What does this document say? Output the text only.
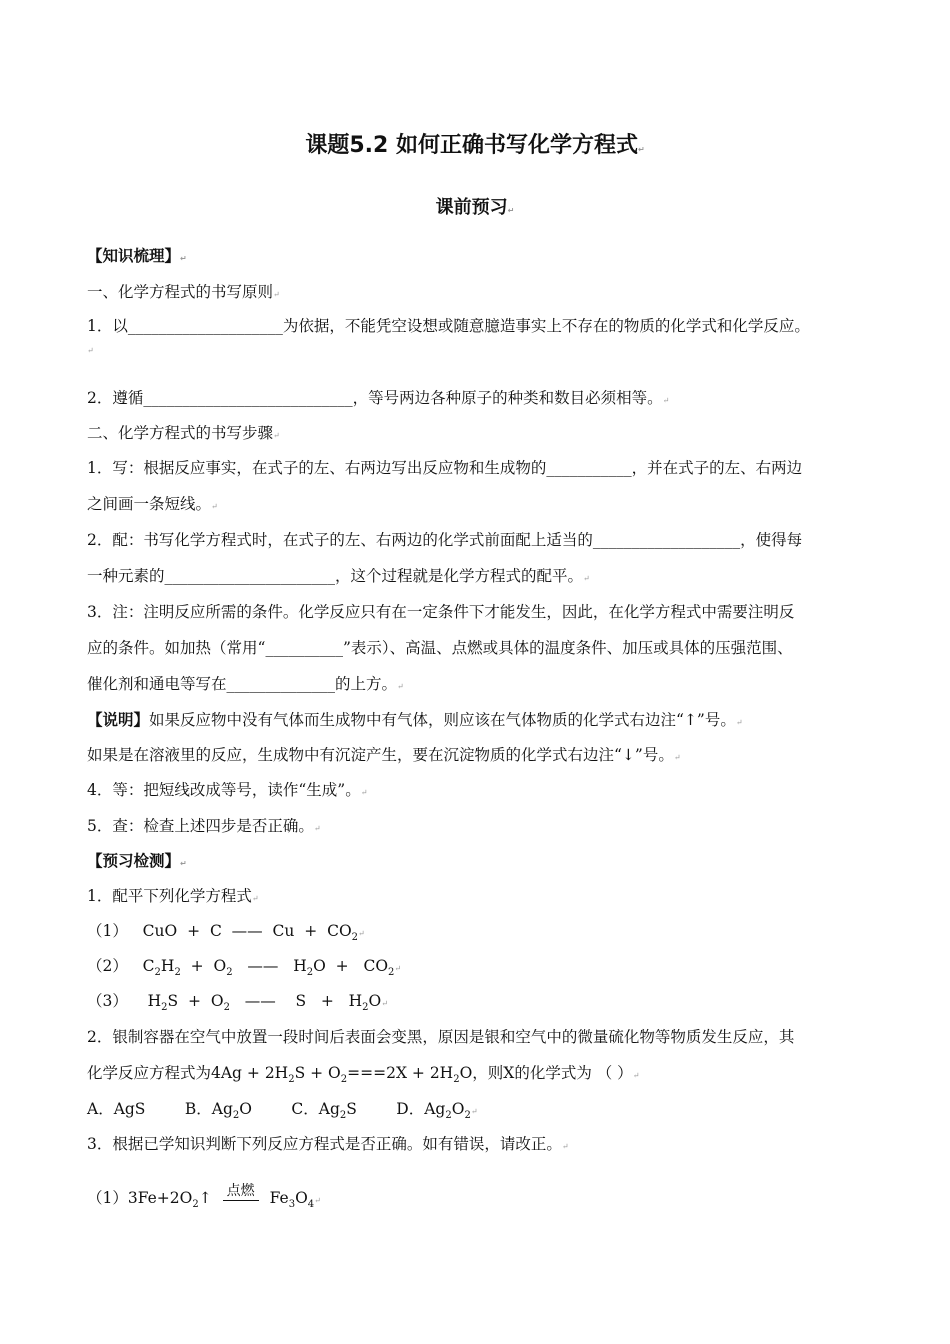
课题5.2 如何正确书写化学方程式↵
课前预习↵
【知识梳理】↵
一、化学方程式的书写原则↵
1．以____________________为依据，不能凭空设想或随意臆造事实上不存在的物质的化学式和化学反应。
↵
2．遵循___________________________，等号两边各种原子的种类和数目必须相等。↵
二、化学方程式的书写步骤↵
1．写：根据反应事实，在式子的左、右两边写出反应物和生成物的___________，并在式子的左、右两边
之间画一条短线。↵
2．配：书写化学方程式时，在式子的左、右两边的化学式前面配上适当的___________________，使得每
一种元素的______________________，这个过程就是化学方程式的配平。↵
3．注：注明反应所需的条件。化学反应只有在一定条件下才能发生，因此，在化学方程式中需要注明反
应的条件。如加热（常用“__________”表示）、高温、点燃或具体的温度条件、加压或具体的压强范围、
催化剂和通电等写在______________的上方。↵
【说明】如果反应物中没有气体而生成物中有气体，则应该在气体物质的化学式右边注“↑”号。↵
如果是在溶液里的反应，生成物中有沉淀产生，要在沉淀物质的化学式右边注“↓”号。↵
4．等：把短线改成等号，读作“生成”。↵
5．查：检查上述四步是否正确。↵
【预习检测】↵
1．配平下列化学方程式↵
（1） CuO + C —— $Cu + CO_2↵$
（2） $C_2H_2 + O_2$ —— $H_2O$ + $CO_2↵$
（3） $H_2S + O_2$ —— $S + H_2O↵$
2．银制容器在空气中放置一段时间后表面会变黑，原因是银和空气中的微量硫化物等物质发生反应，其
化学反应方程式为$4Ag + 2H_2S + O_2===2X + 2H_2O$，则X的化学式为 （ ）↵
A．AgS	B．$Ag_2O$	C．$Ag_2S$	D．$Ag_2O_2↵$
3．根据已学知识判断下列反应方程式是否正确。如有错误，请改正。↵
$(1)3Fe+2O_2↑$ 点燃 $Fe_3O_4↵$
